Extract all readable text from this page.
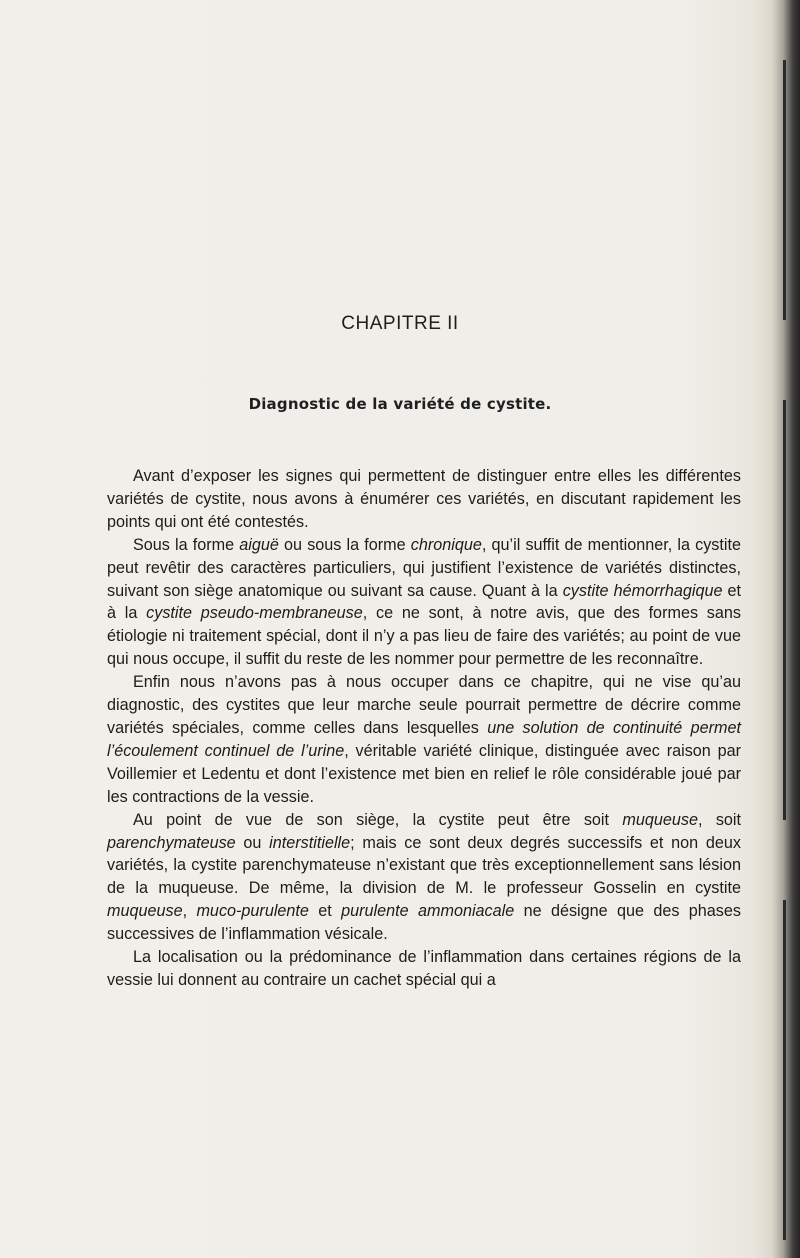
CHAPITRE II
Diagnostic de la variété de cystite.

Avant d’exposer les signes qui permettent de distinguer entre elles les différentes variétés de cystite, nous avons à énumérer ces variétés, en discutant rapidement les points qui ont été contestés.

Sous la forme aiguë ou sous la forme chronique, qu’il suffit de mentionner, la cystite peut revêtir des caractères particuliers, qui justifient l’existence de variétés distinctes, suivant son siège anatomique ou suivant sa cause. Quant à la cystite hémorrhagique et à la cystite pseudo-membraneuse, ce ne sont, à notre avis, que des formes sans étiologie ni traitement spécial, dont il n’y a pas lieu de faire des variétés; au point de vue qui nous occupe, il suffit du reste de les nommer pour permettre de les reconnaître.

Enfin nous n’avons pas à nous occuper dans ce chapitre, qui ne vise qu’au diagnostic, des cystites que leur marche seule pourrait permettre de décrire comme variétés spéciales, comme celles dans lesquelles une solution de continuité permet l’écoulement continuel de l’urine, véritable variété clinique, distinguée avec raison par Voillemier et Ledentu et dont l’existence met bien en relief le rôle considérable joué par les contractions de la vessie.

Au point de vue de son siège, la cystite peut être soit muqueuse, soit parenchymateuse ou interstitielle; mais ce sont deux degrés successifs et non deux variétés, la cystite parenchymateuse n’existant que très exceptionnellement sans lésion de la muqueuse. De même, la division de M. le professeur Gosselin en cystite muqueuse, muco-purulente et purulente ammoniacale ne désigne que des phases successives de l’inflammation vésicale.

La localisation ou la prédominance de l’inflammation dans certaines régions de la vessie lui donnent au contraire un cachet spécial qui a
